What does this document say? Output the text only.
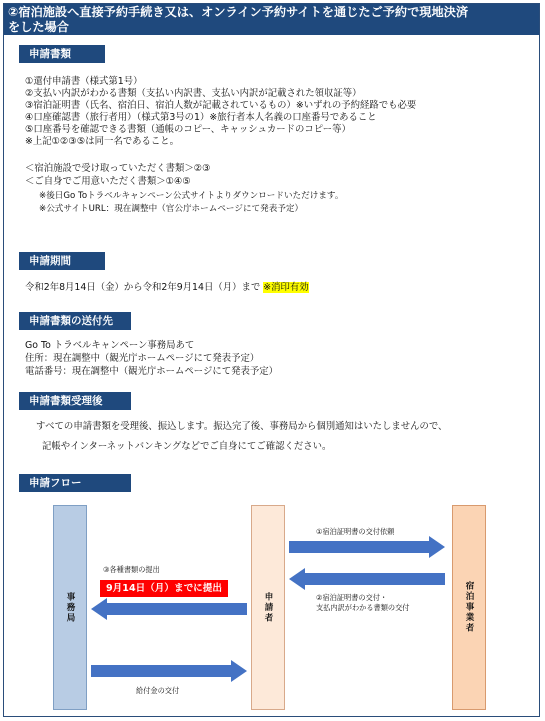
②宿泊施設へ直接予約手続き又は、オンライン予約サイトを通じたご予約で現地決済
をした場合
申請書類
①還付申請書（様式第1号）
②支払い内訳がわかる書類（支払い内訳書、支払い内訳が記載された領収証等）
③宿泊証明書（氏名、宿泊日、宿泊人数が記載されているもの）※いずれの予約経路でも必要
④口座確認書（旅行者用）（様式第3号の1）※旅行者本人名義の口座番号であること
⑤口座番号を確認できる書類（通帳のコピー、キャッシュカードのコピー等）
※上記①②③⑤は同一名であること。
＜宿泊施設で受け取っていただく書類＞②③
＜ご自身でご用意いただく書類＞①④⑤
※後日Go Toトラベルキャンペーン公式サイトよりダウンロードいただけます。
※公式サイトURL：現在調整中（官公庁ホームページにて発表予定）
申請期間
令和2年8月14日（金）から令和2年9月14日（月）まで ※消印有効
申請書類の送付先
Go To トラベルキャンペーン事務局あて
住所：現在調整中（観光庁ホームページにて発表予定）
電話番号：現在調整中（観光庁ホームページにて発表予定）
申請書類受理後
すべての申請書類を受理後、振込します。振込完了後、事務局から個別通知はいたしませんので、
記帳やインターネットバンキングなどでご自身にてご確認ください。
申請フロー
事務局	申請者	宿泊事業者
①宿泊証明書の交付依頼
②宿泊証明書の交付・
支払内訳がわかる書類の交付
③各種書類の提出
9月14日（月）までに提出
給付金の交付
